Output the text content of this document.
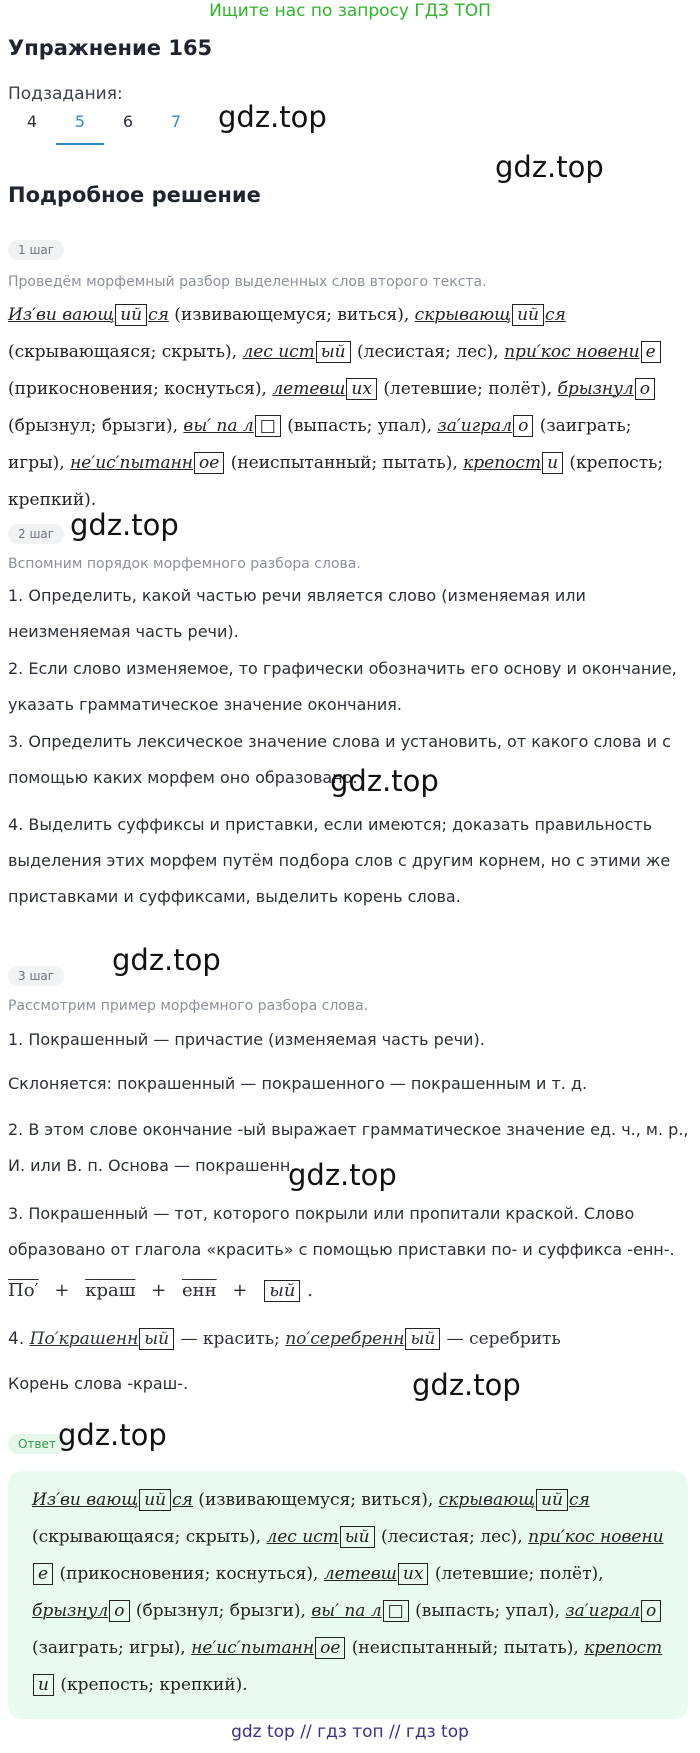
Ищите нас по запросу ГДЗ ТОП
Упражнение 165
Подзадания:
4	5	6	7	gdz.top
gdz.top
Подробное решение
1 шаг
Проведём морфемный разбор выделенных слов второго текста.
Из′ви вающ ий ся (извивающемуся; виться), скрывающ ий ся (скрывающаяся; скрыть), лес ист ый (лесистая; лес), при′кос новени е (прикосновения; коснуться), летевш их (летевшие; полёт), брызнул о (брызнул; брызги), вы′ па л □ (выпасть; упал), за′играл о (заиграть; игры), не′ис′пытанн ое (неиспытанный; пытать), крепост и (крепость; крепкий).
2 шаг gdz.top
Вспомним порядок морфемного разбора слова.
1. Определить, какой частью речи является слово (изменяемая или неизменяемая часть речи).
2. Если слово изменяемое, то графически обозначить его основу и окончание, указать грамматическое значение окончания.
3. Определить лексическое значение слова и установить, от какого слова и с помощью каких морфем оно образовано.
gdz.top
4. Выделить суффиксы и приставки, если имеются; доказать правильность выделения этих морфем путём подбора слов с другим корнем, но с этими же приставками и суффиксами, выделить корень слова.
3 шаг	gdz.top
Рассмотрим пример морфемного разбора слова.
1. Покрашенный — причастие (изменяемая часть речи).
Склоняется: покрашенный — покрашенного — покрашенным и т. д.
2. В этом слове окончание -ый выражает грамматическое значение ед. ч., м. р., И. или В. п. Основа — покрашенн.
gdz.top
3. Покрашенный — тот, которого покрыли или пропитали краской. Слово образовано от глагола «красить» с помощью приставки по- и суффикса -енн-.
По′ + краш + енн + ый .
4. По′крашенн ый — красить; по′серебренн ый — серебрить
Корень слова -краш-.	gdz.top
Ответ gdz.top
Из′ви вающ ий ся (извивающемуся; виться), скрывающ ий ся (скрывающаяся; скрыть), лес ист ый (лесистая; лес), при′кос новение (прикосновения; коснуться), летевш их (летевшие; полёт), брызнул о (брызнул; брызги), вы′ па л □ (выпасть; упал), за′играл о (заиграть; игры), не′ис′пытанн ое (неиспытанный; пытать), крепости (крепость; крепкий).
gdz top // гдз топ // гдз top
